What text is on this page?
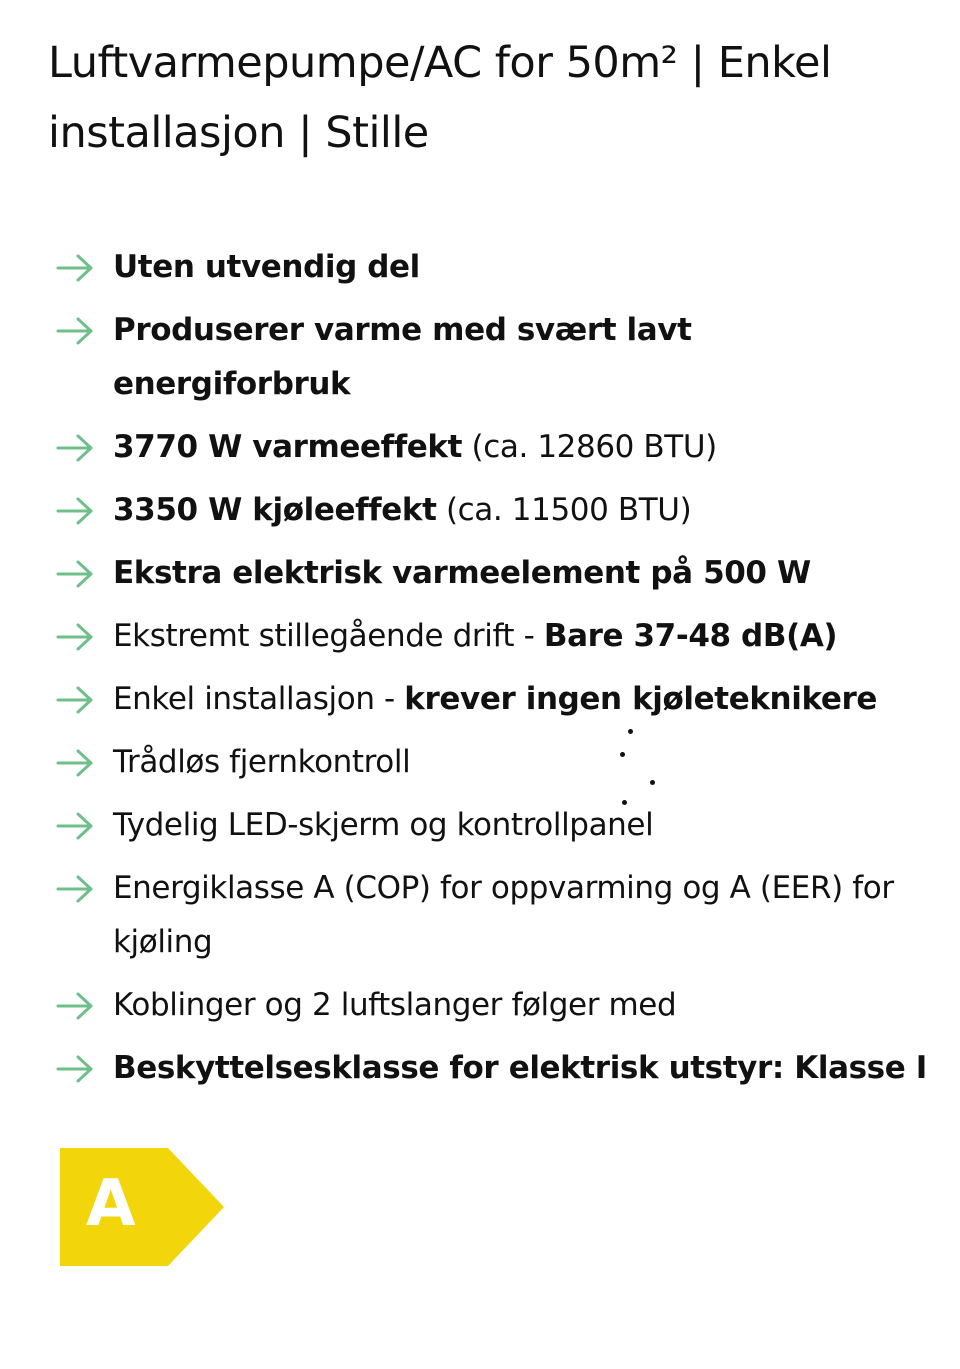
Luftvarmepumpe/AC for 50m² | Enkel installasjon | Stille
Uten utvendig del
Produserer varme med svært lavt energiforbruk
3770 W varmeeffekt (ca. 12860 BTU)
3350 W kjøleeffekt (ca. 11500 BTU)
Ekstra elektrisk varmeelement på 500 W
Ekstremt stillegående drift - Bare 37-48 dB(A)
Enkel installasjon - krever ingen kjøleteknikere
Trådløs fjernkontroll
Tydelig LED-skjerm og kontrollpanel
Energiklasse A (COP) for oppvarming og A (EER) for kjøling
Koblinger og 2 luftslanger følger med
Beskyttelsesklasse for elektrisk utstyr: Klasse I
A
